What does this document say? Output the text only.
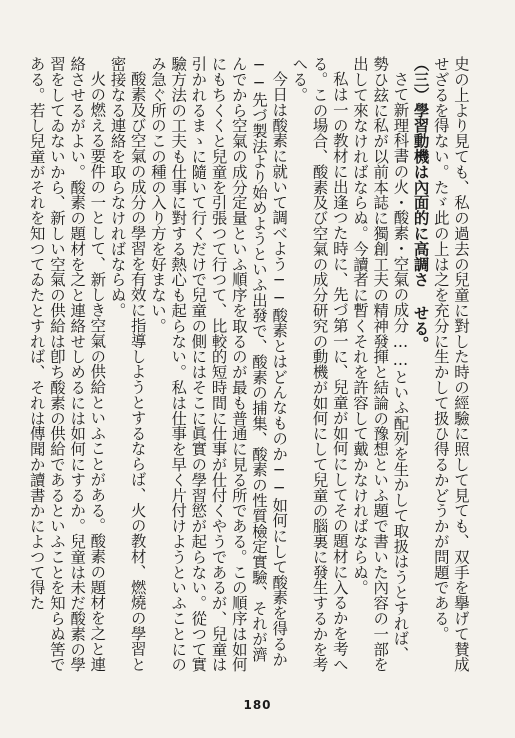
史の上より見ても、私の過去の兒童に對した時の經驗に照して見ても、双手を擧げて賛成せざるを得ない。たゞ此の上は之を充分に生かして扱ひ得るかどうかが問題である。

（三）學習動機は內面的に高調さ せる。

さて新理科書の火・酸素・空氣の成分……といふ配列を生かして取扱はうとすれば、勢ひ玆に私が以前本誌に獨創工夫の精神發揮と結論の豫想といふ題で書いた內容の一部を出して來なければならぬ。今讀者に暫くそれを許容して戴かなければならぬ。

私は一の教材に出逢つた時に、先づ第一に、兒童が如何にしてその題材に入るかを考へる。この場合、酸素及び空氣の成分研究の動機が如何にして兒童の腦裏に發生するかを考へる。

今日は酸素に就いて調べよう──酸素とはどんなものか──如何にして酸素を得るか──先づ製法より始めようといふ出發で、酸素の捕集、酸素の性質檢定實驗、それが濟んでから空氣の成分定量といふ順序を取るのが最も普通に見る所である。この順序は如何にもちくくと兒童を引張つて行つて、比較的短時間に仕事が仕付くやうであるが、兒童は引かれるまゝに隨いて行くだけで兒童の側にはそこに眞實の學習慾が起らない。從つて實驗方法の工夫も仕事に對する熱心も起らない。私は仕事を早く片付けようといふことにのみ急ぐ所のこの種の入り方を好まない。

酸素及び空氣の成分の學習を有效に指導しようとするならば、火の教材、燃燒の學習と密接なる連絡を取らなければならぬ。

火の燃える要件の一として、新しき空氣の供給といふことがある。酸素の題材を之と連絡させるがよい。酸素の題材を之と連絡せしめるには如何にするか。兒童は未だ酸素の學習をしてゐないから、新しい空氣の供給は卽ち酸素の供給であるといふことを知らぬ筈である。若し兒童がそれを知つてゐたとすれば、それは傳聞か讀書かによつて得た

180
